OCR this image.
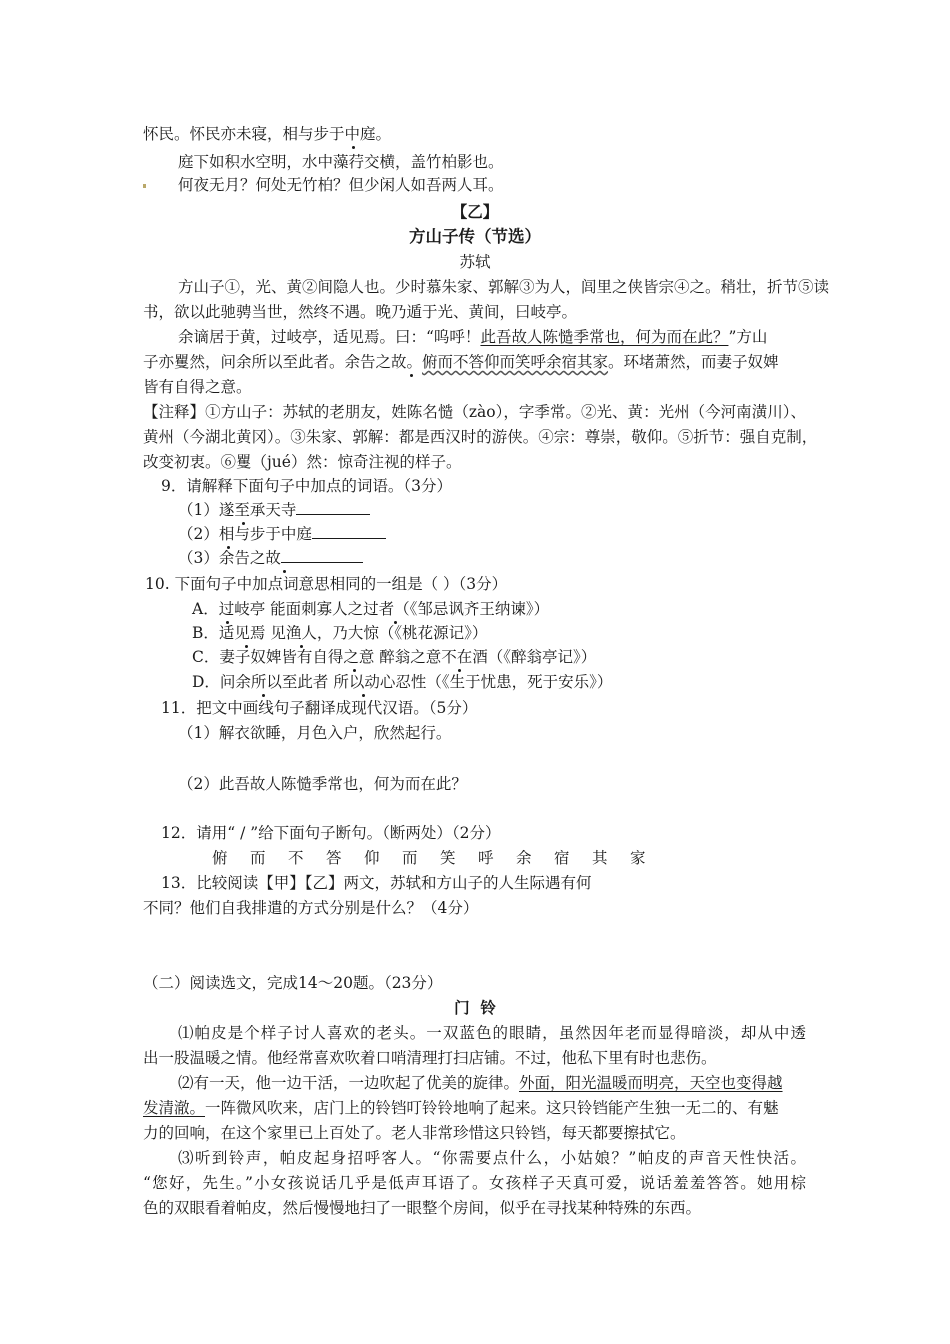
怀民。怀民亦未寝，相与步于中庭。
庭下如积水空明，水中藻荇交横，盖竹柏影也。
何夜无月？何处无竹柏？但少闲人如吾两人耳。
【乙】
方山子传（节选）
苏轼
方山子①，光、黄②间隐人也。少时慕朱家、郭解③为人，闾里之侠皆宗④之。稍壮，折节⑤读
书，欲以此驰骋当世，然终不遇。晚乃遁于光、黄间，曰岐亭。
余谪居于黄，过岐亭，适见焉。曰：“呜呼！此吾故人陈慥季常也，何为而在此？”方山
子亦矍然，问余所以至此者。余告之故。俯而不答仰而笑呼余宿其家。环堵萧然，而妻子奴婢
皆有自得之意。
【注释】①方山子：苏轼的老朋友，姓陈名慥（zào），字季常。②光、黄：光州（今河南潢川）、
黄州（今湖北黄冈）。③朱家、郭解：都是西汉时的游侠。④宗：尊崇，敬仰。⑤折节：强自克制，
改变初衷。⑥矍（jué）然：惊奇注视的样子。
9．请解释下面句子中加点的词语。（3分）
（1）遂至承天寺
（2）相与步于中庭
（3）余告之故
10. 下面句子中加点词意思相同的一组是（ ）（3分）
A．过岐亭 能面刺寡人之过者（《邹忌讽齐王纳谏》）
B．适见焉 见渔人，乃大惊（《桃花源记》）
C．妻子奴婢皆有自得之意 醉翁之意不在酒（《醉翁亭记》）
D．问余所以至此者 所以动心忍性（《生于忧患，死于安乐》）
11．把文中画线句子翻译成现代汉语。（5分）
（1）解衣欲睡，月色入户，欣然起行。
（2）此吾故人陈慥季常也，何为而在此？
12．请用“ / ”给下面句子断句。（断两处）（2分）
俯 而 不 答 仰 而 笑 呼 余 宿 其 家
13．比较阅读【甲】【乙】两文，苏轼和方山子的人生际遇有何
不同？他们自我排遣的方式分别是什么？（4分）
（二）阅读选文，完成14～20题。（23分）
门  铃
⑴帕皮是个样子讨人喜欢的老头。一双蓝色的眼睛，虽然因年老而显得暗淡，却从中透
出一股温暖之情。他经常喜欢吹着口哨清理打扫店铺。不过，他私下里有时也悲伤。
⑵有一天，他一边干活，一边吹起了优美的旋律。外面，阳光温暖而明亮，天空也变得越
发清澈。一阵微风吹来，店门上的铃铛叮铃铃地响了起来。这只铃铛能产生独一无二的、有魅
力的回响，在这个家里已上百处了。老人非常珍惜这只铃铛，每天都要擦拭它。
⑶听到铃声，帕皮起身招呼客人。“你需要点什么，小姑娘？”帕皮的声音天性快活。
“您好，先生。”小女孩说话几乎是低声耳语了。女孩样子天真可爱，说话羞羞答答。她用棕
色的双眼看着帕皮，然后慢慢地扫了一眼整个房间，似乎在寻找某种特殊的东西。
